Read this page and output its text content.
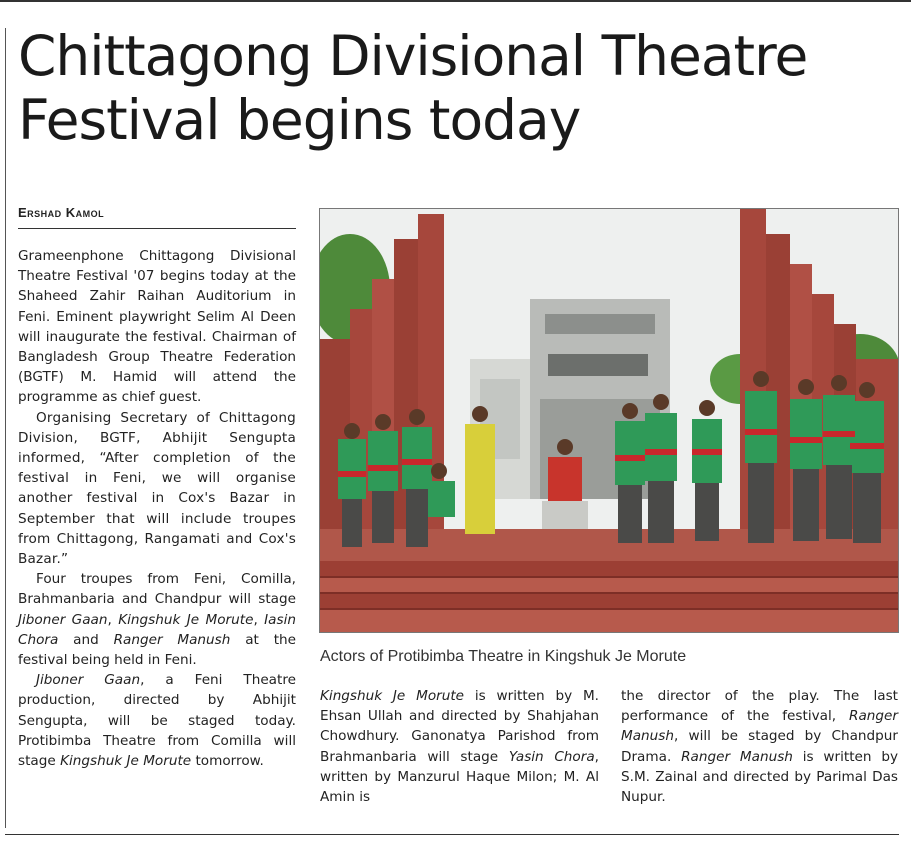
Chittagong Divisional Theatre Festival begins today
Ershad Kamol

Grameenphone Chittagong Divisional Theatre Festival '07 begins today at the Shaheed Zahir Raihan Auditorium in Feni. Eminent playwright Selim Al Deen will inaugurate the festival. Chairman of Bangladesh Group Theatre Federation (BGTF) M. Hamid will attend the programme as chief guest.

Organising Secretary of Chittagong Division, BGTF, Abhijit Sengupta informed, “After completion of the festival in Feni, we will organise another festival in Cox's Bazar in September that will include troupes from Chittagong, Rangamati and Cox's Bazar.”

Four troupes from Feni, Comilla, Brahmanbaria and Chandpur will stage Jiboner Gaan, Kingshuk Je Morute, Iasin Chora and Ranger Manush at the festival being held in Feni.

Jiboner Gaan, a Feni Theatre production, directed by Abhijit Sengupta, will be staged today. Protibimba Theatre from Comilla will stage Kingshuk Je Morute tomorrow.

Actors of Protibimba Theatre in Kingshuk Je Morute

Kingshuk Je Morute is written by M. Ehsan Ullah and directed by Shahjahan Chowdhury. Ganonatya Parishod from Brahmanbaria will stage Yasin Chora, written by Manzurul Haque Milon; M. Al Amin is

the director of the play. The last performance of the festival, Ranger Manush, will be staged by Chandpur Drama. Ranger Manush is written by S.M. Zainal and directed by Parimal Das Nupur.
